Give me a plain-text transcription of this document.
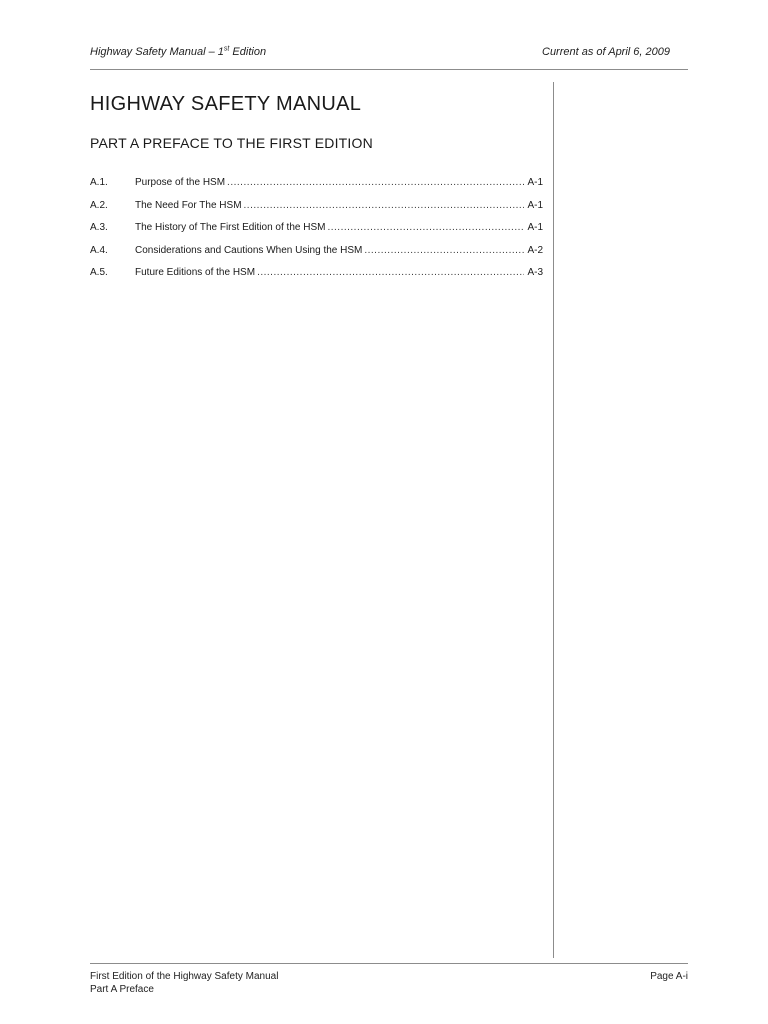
Highway Safety Manual – 1st Edition	Current as of April 6, 2009
HIGHWAY SAFETY MANUAL
PART A PREFACE TO THE FIRST EDITION
A.1.	Purpose of the HSM .....	A-1
A.2.	The Need For The HSM .....	A-1
A.3.	The History of The First Edition of the HSM .....	A-1
A.4.	Considerations and Cautions When Using the HSM .....	A-2
A.5.	Future Editions of the HSM .....	A-3
First Edition of the Highway Safety Manual
Part A Preface
Page A-i
